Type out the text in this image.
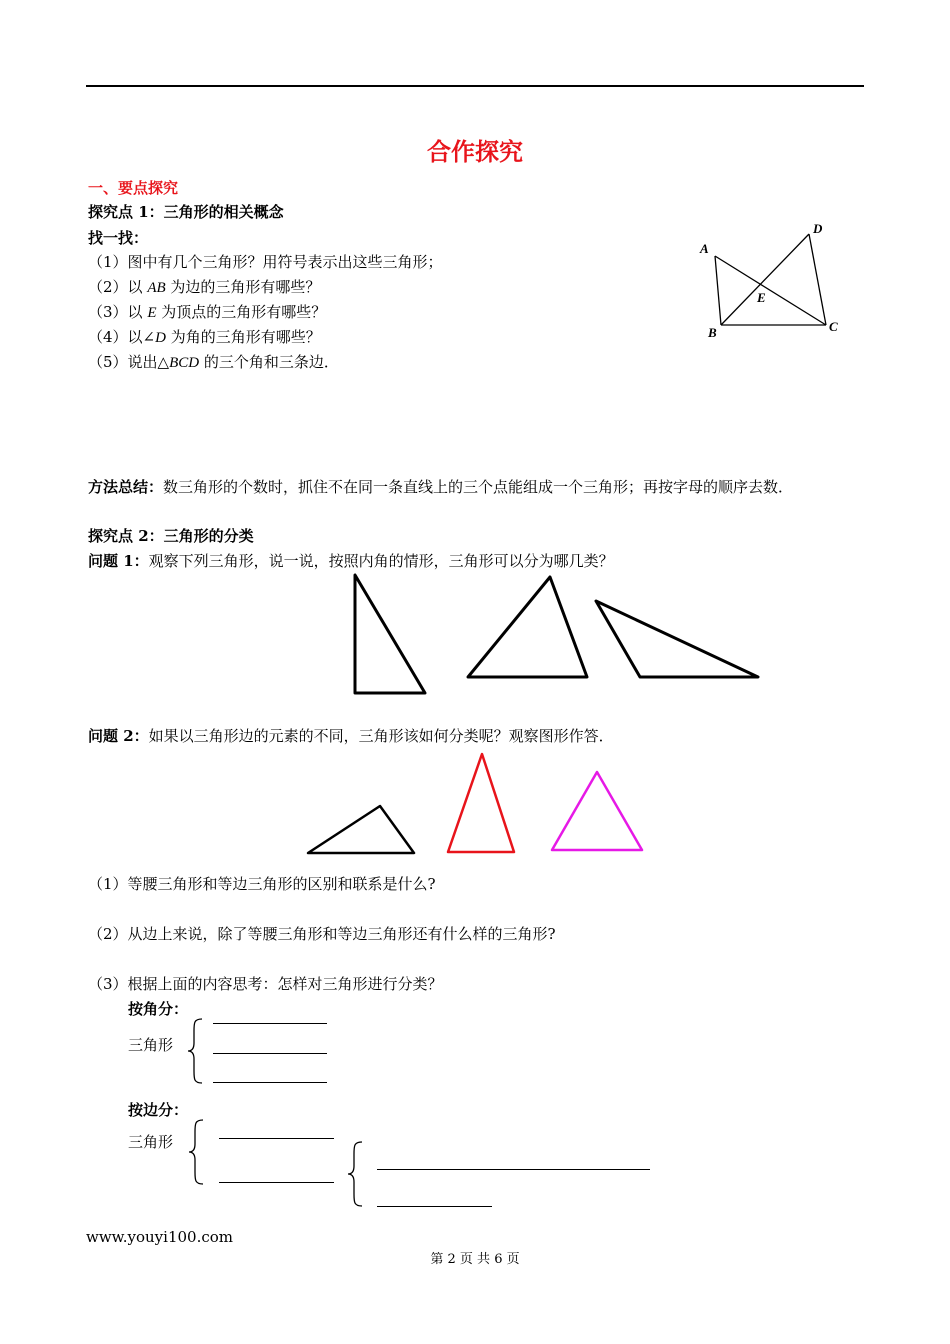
合作探究
一、要点探究
探究点 1：三角形的相关概念
找一找：
（1）图中有几个三角形？用符号表示出这些三角形；
（2）以 AB 为边的三角形有哪些？
（3）以 E 为顶点的三角形有哪些？
（4）以∠D 为角的三角形有哪些？
（5）说出△BCD 的三个角和三条边．
A
B	C
D
E
方法总结：数三角形的个数时，抓住不在同一条直线上的三个点能组成一个三角形；再按字母的顺序去数．
探究点 2：三角形的分类
问题 1：观察下列三角形，说一说，按照内角的情形，三角形可以分为哪几类？
问题 2：如果以三角形边的元素的不同，三角形该如何分类呢？观察图形作答．
（1）等腰三角形和等边三角形的区别和联系是什么?
（2）从边上来说，除了等腰三角形和等边三角形还有什么样的三角形?
（3）根据上面的内容思考：怎样对三角形进行分类？
按角分：
三角形
按边分：
三角形
www.youyi100.com
第 2 页 共 6 页
